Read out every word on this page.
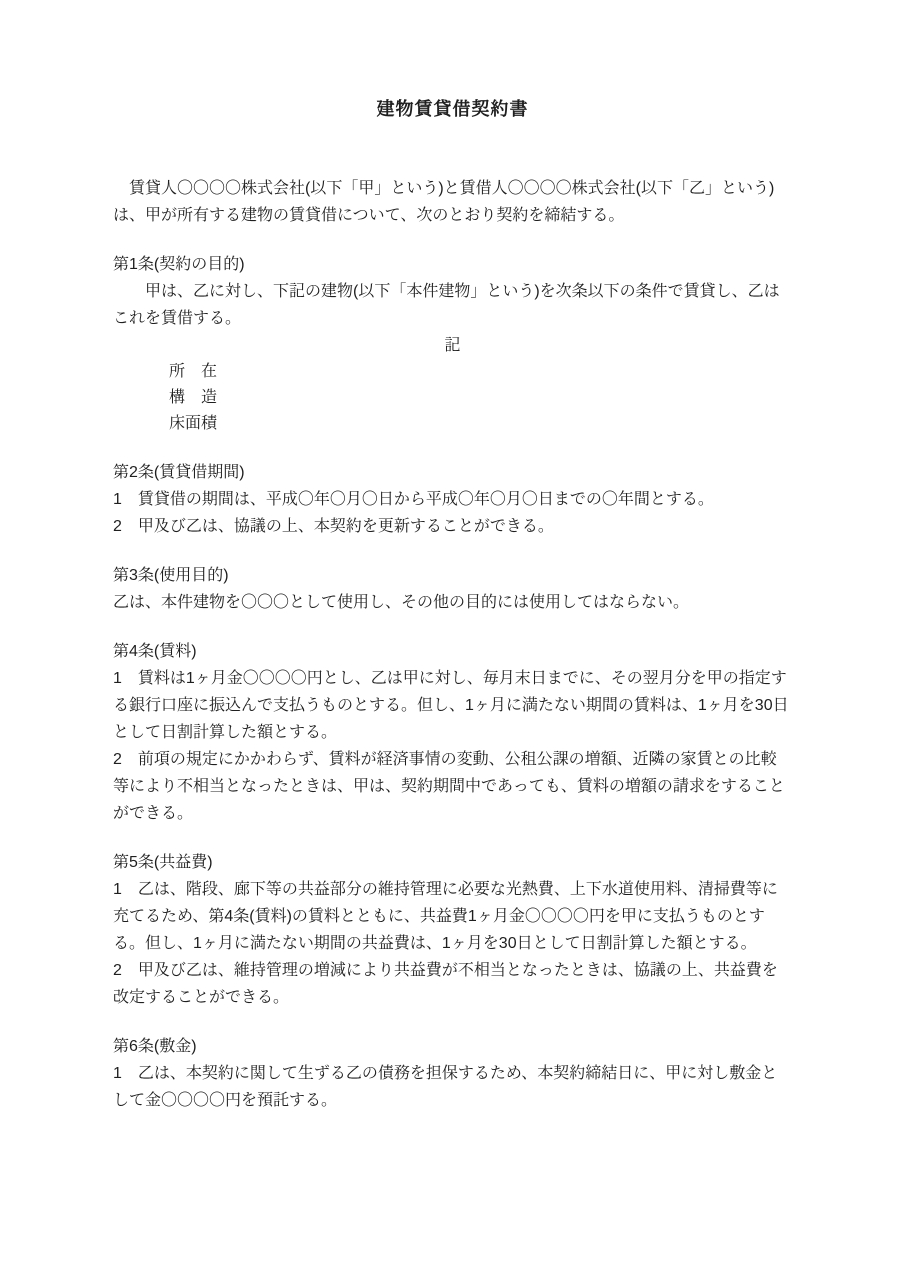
建物賃貸借契約書

　賃貸人〇〇〇〇株式会社(以下「甲」という)と賃借人〇〇〇〇株式会社(以下「乙」という)は、甲が所有する建物の賃貸借について、次のとおり契約を締結する。

第1条(契約の目的)

　　甲は、乙に対し、下記の建物(以下「本件建物」という)を次条以下の条件で賃貸し、乙はこれを賃借する。

記
所　在
構　造
床面積
第2条(賃貸借期間)

1　賃貸借の期間は、平成〇年〇月〇日から平成〇年〇月〇日までの〇年間とする。

2　甲及び乙は、協議の上、本契約を更新することができる。

第3条(使用目的)

乙は、本件建物を〇〇〇として使用し、その他の目的には使用してはならない。

第4条(賃料)

1　賃料は1ヶ月金〇〇〇〇円とし、乙は甲に対し、毎月末日までに、その翌月分を甲の指定する銀行口座に振込んで支払うものとする。但し、1ヶ月に満たない期間の賃料は、1ヶ月を30日として日割計算した額とする。

2　前項の規定にかかわらず、賃料が経済事情の変動、公租公課の増額、近隣の家賃との比較等により不相当となったときは、甲は、契約期間中であっても、賃料の増額の請求をすることができる。

第5条(共益費)

1　乙は、階段、廊下等の共益部分の維持管理に必要な光熱費、上下水道使用料、清掃費等に充てるため、第4条(賃料)の賃料とともに、共益費1ヶ月金〇〇〇〇円を甲に支払うものとする。但し、1ヶ月に満たない期間の共益費は、1ヶ月を30日として日割計算した額とする。

2　甲及び乙は、維持管理の増減により共益費が不相当となったときは、協議の上、共益費を改定することができる。

第6条(敷金)

1　乙は、本契約に関して生ずる乙の債務を担保するため、本契約締結日に、甲に対し敷金として金〇〇〇〇円を預託する。
